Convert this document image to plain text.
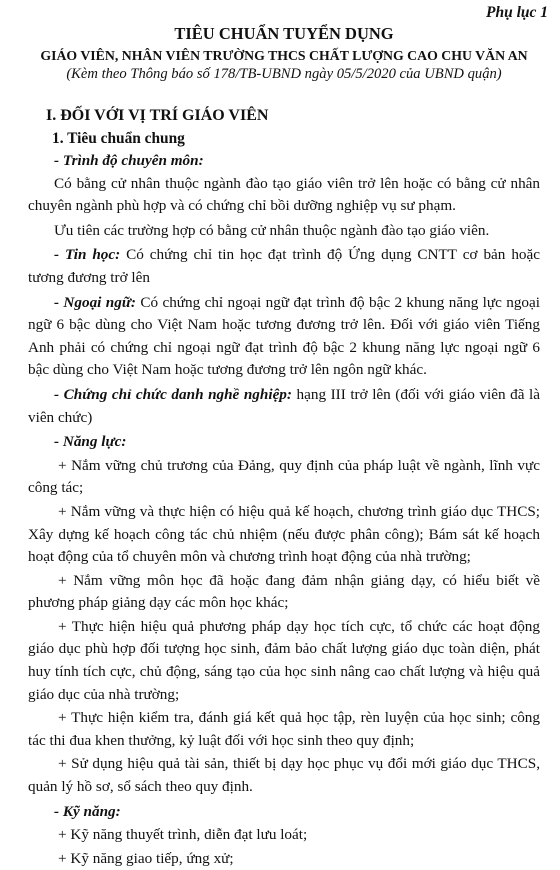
Phụ lục 1
TIÊU CHUẨN TUYỂN DỤNG
GIÁO VIÊN, NHÂN VIÊN TRƯỜNG THCS CHẤT LƯỢNG CAO CHU VĂN AN
(Kèm theo Thông báo số 178/TB-UBND ngày 05/5/2020 của UBND quận)
I. ĐỐI VỚI VỊ TRÍ GIÁO VIÊN
1. Tiêu chuẩn chung

- Trình độ chuyên môn:

Có bằng cử nhân thuộc ngành đào tạo giáo viên trở lên hoặc có bằng cử nhân chuyên ngành phù hợp và có chứng chỉ bồi dưỡng nghiệp vụ sư phạm.

Ưu tiên các trường hợp có bằng cử nhân thuộc ngành đào tạo giáo viên.

- Tin học: Có chứng chỉ tin học đạt trình độ Ứng dụng CNTT cơ bản hoặc tương đương trở lên

- Ngoại ngữ: Có chứng chỉ ngoại ngữ đạt trình độ bậc 2 khung năng lực ngoại ngữ 6 bậc dùng cho Việt Nam hoặc tương đương trở lên. Đối với giáo viên Tiếng Anh phải có chứng chỉ ngoại ngữ đạt trình độ bậc 2 khung năng lực ngoại ngữ 6 bậc dùng cho Việt Nam hoặc tương đương trở lên ngôn ngữ khác.

- Chứng chỉ chức danh nghề nghiệp: hạng III trở lên (đối với giáo viên đã là viên chức)

- Năng lực:

+ Nắm vững chủ trương của Đảng, quy định của pháp luật về ngành, lĩnh vực công tác;

+ Nắm vững và thực hiện có hiệu quả kế hoạch, chương trình giáo dục THCS; Xây dựng kế hoạch công tác chủ nhiệm (nếu được phân công); Bám sát kế hoạch hoạt động của tổ chuyên môn và chương trình hoạt động của nhà trường;

+ Nắm vững môn học đã hoặc đang đảm nhận giảng dạy, có hiểu biết về phương pháp giảng dạy các môn học khác;

+ Thực hiện hiệu quả phương pháp dạy học tích cực, tổ chức các hoạt động giáo dục phù hợp đối tượng học sinh, đảm bảo chất lượng giáo dục toàn diện, phát huy tính tích cực, chủ động, sáng tạo của học sinh nâng cao chất lượng và hiệu quả giáo dục của nhà trường;

+ Thực hiện kiểm tra, đánh giá kết quả học tập, rèn luyện của học sinh; công tác thi đua khen thưởng, kỷ luật đối với học sinh theo quy định;

+ Sử dụng hiệu quả tài sản, thiết bị dạy học phục vụ đổi mới giáo dục THCS, quản lý hồ sơ, sổ sách theo quy định.

- Kỹ năng:

+ Kỹ năng thuyết trình, diễn đạt lưu loát;

+ Kỹ năng giao tiếp, ứng xử;
